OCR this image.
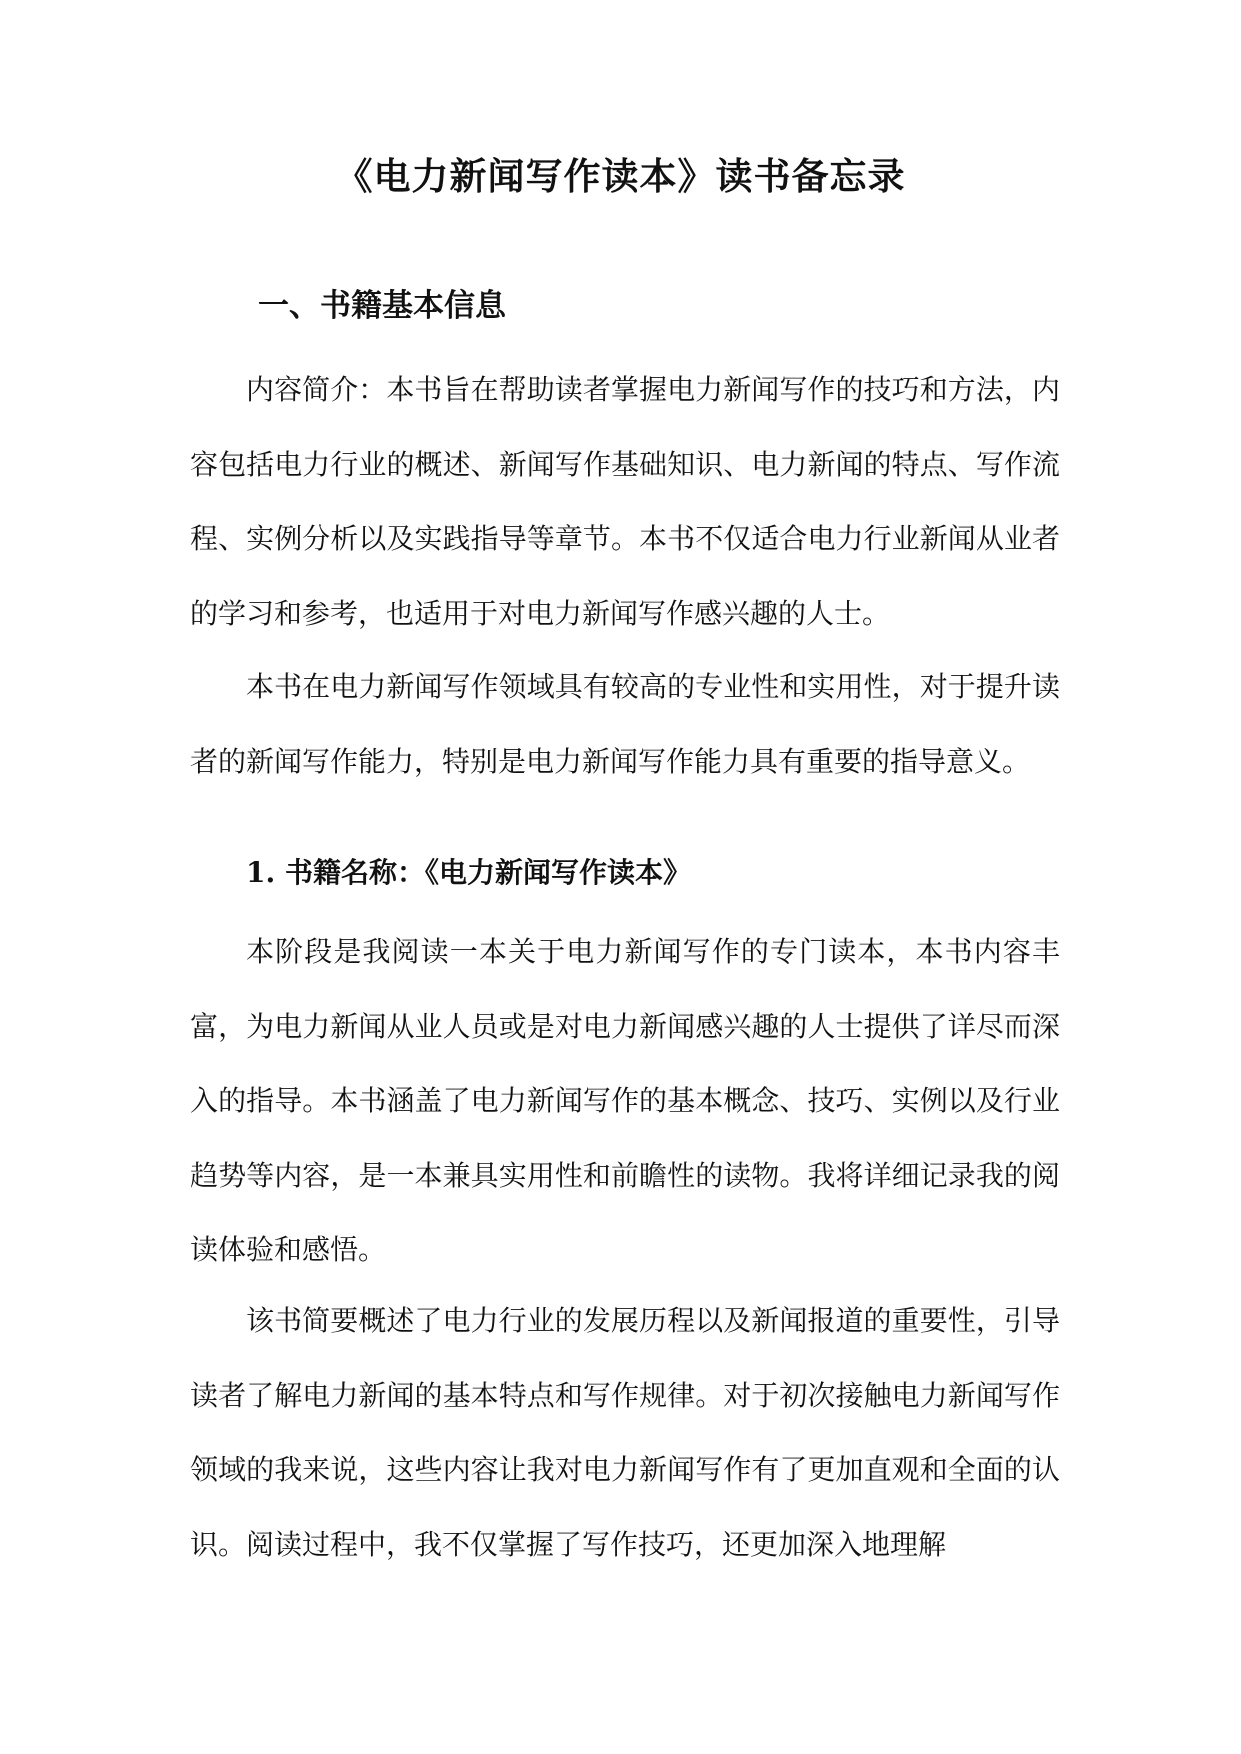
《电力新闻写作读本》读书备忘录
一、书籍基本信息

内容简介：本书旨在帮助读者掌握电力新闻写作的技巧和方法，内容包括电力行业的概述、新闻写作基础知识、电力新闻的特点、写作流程、实例分析以及实践指导等章节。本书不仅适合电力行业新闻从业者的学习和参考，也适用于对电力新闻写作感兴趣的人士。

本书在电力新闻写作领域具有较高的专业性和实用性，对于提升读者的新闻写作能力，特别是电力新闻写作能力具有重要的指导意义。

1. 书籍名称：《电力新闻写作读本》

本阶段是我阅读一本关于电力新闻写作的专门读本，本书内容丰富，为电力新闻从业人员或是对电力新闻感兴趣的人士提供了详尽而深入的指导。本书涵盖了电力新闻写作的基本概念、技巧、实例以及行业趋势等内容，是一本兼具实用性和前瞻性的读物。我将详细记录我的阅读体验和感悟。

该书简要概述了电力行业的发展历程以及新闻报道的重要性，引导读者了解电力新闻的基本特点和写作规律。对于初次接触电力新闻写作领域的我来说，这些内容让我对电力新闻写作有了更加直观和全面的认识。阅读过程中，我不仅掌握了写作技巧，还更加深入地理解
